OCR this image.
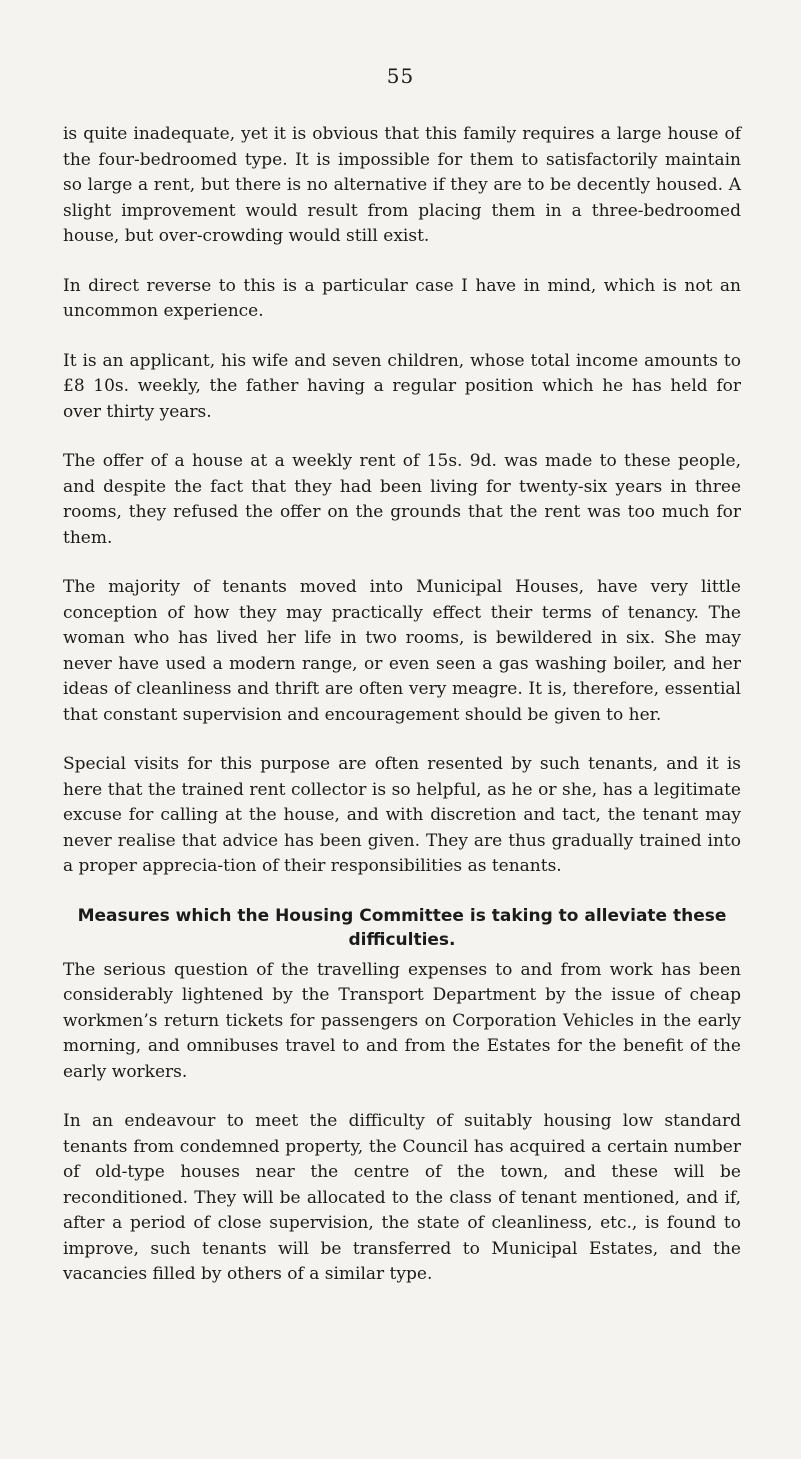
55

is quite inadequate, yet it is obvious that this family requires a large house of the four-bedroomed type. It is impossible for them to satisfactorily maintain so large a rent, but there is no alternative if they are to be decently housed. A slight improvement would result from placing them in a three-bedroomed house, but over-crowding would still exist.

In direct reverse to this is a particular case I have in mind, which is not an uncommon experience.

It is an applicant, his wife and seven children, whose total income amounts to £8 10s. weekly, the father having a regular position which he has held for over thirty years.

The offer of a house at a weekly rent of 15s. 9d. was made to these people, and despite the fact that they had been living for twenty-six years in three rooms, they refused the offer on the grounds that the rent was too much for them.

The majority of tenants moved into Municipal Houses, have very little conception of how they may practically effect their terms of tenancy. The woman who has lived her life in two rooms, is bewildered in six. She may never have used a modern range, or even seen a gas washing boiler, and her ideas of cleanliness and thrift are often very meagre. It is, therefore, essential that constant supervision and encouragement should be given to her.

Special visits for this purpose are often resented by such tenants, and it is here that the trained rent collector is so helpful, as he or she, has a legitimate excuse for calling at the house, and with discretion and tact, the tenant may never realise that advice has been given. They are thus gradually trained into a proper apprecia-tion of their responsibilities as tenants.

Measures which the Housing Committee is taking to alleviate these difficulties.

The serious question of the travelling expenses to and from work has been considerably lightened by the Transport Department by the issue of cheap workmen’s return tickets for passengers on Corporation Vehicles in the early morning, and omnibuses travel to and from the Estates for the benefit of the early workers.

In an endeavour to meet the difficulty of suitably housing low standard tenants from condemned property, the Council has acquired a certain number of old-type houses near the centre of the town, and these will be reconditioned. They will be allocated to the class of tenant mentioned, and if, after a period of close supervision, the state of cleanliness, etc., is found to improve, such tenants will be transferred to Municipal Estates, and the vacancies filled by others of a similar type.
